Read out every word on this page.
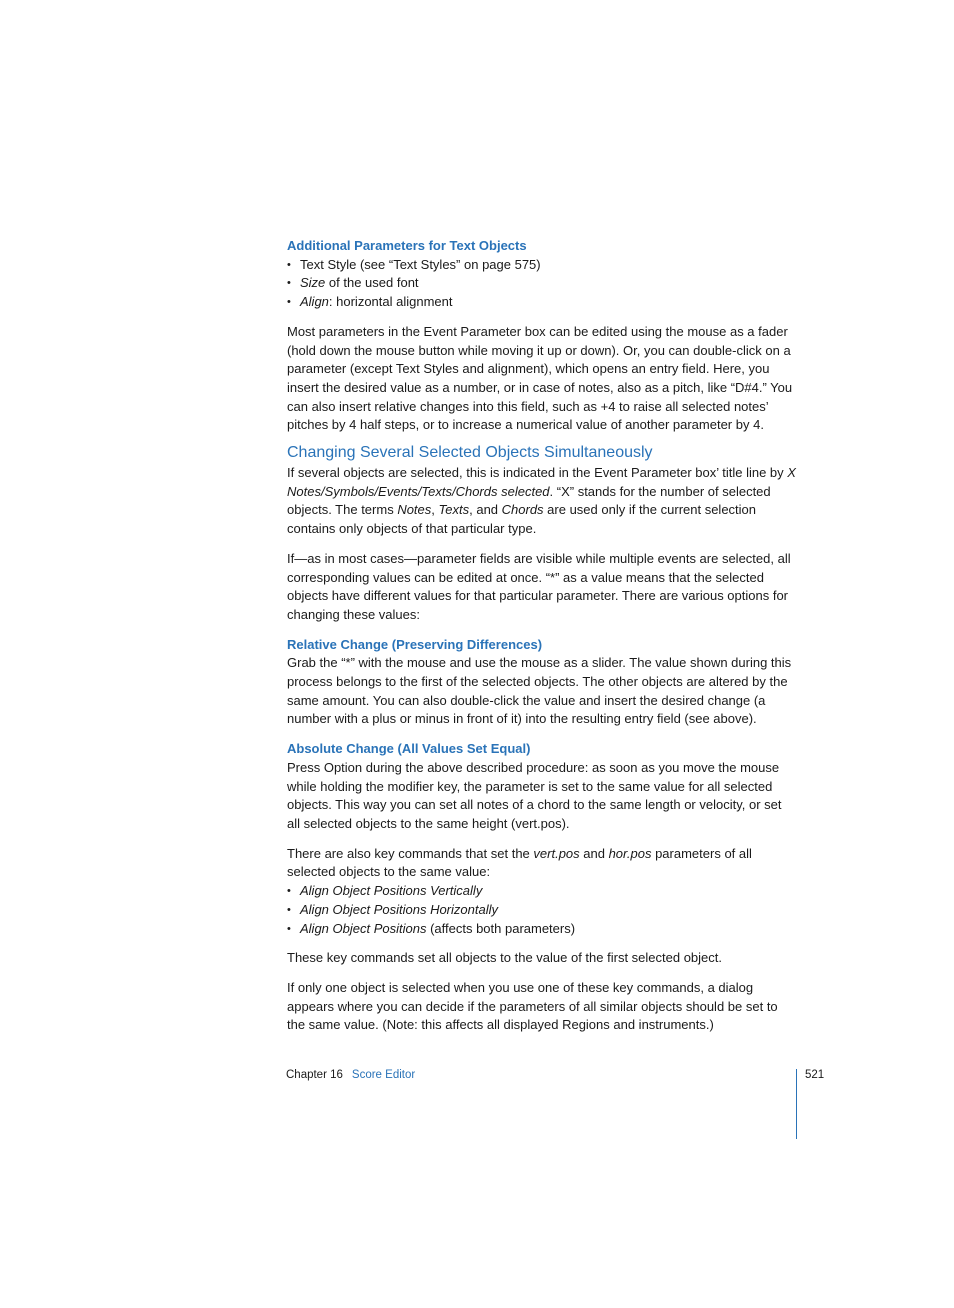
Additional Parameters for Text Objects
• Text Style (see “Text Styles” on page 575)
• Size of the used font
• Align: horizontal alignment

Most parameters in the Event Parameter box can be edited using the mouse as a fader (hold down the mouse button while moving it up or down). Or, you can double-click on a parameter (except Text Styles and alignment), which opens an entry field. Here, you insert the desired value as a number, or in case of notes, also as a pitch, like “D#4.” You can also insert relative changes into this field, such as +4 to raise all selected notes’ pitches by 4 half steps, or to increase a numerical value of another parameter by 4.

Changing Several Selected Objects Simultaneously

If several objects are selected, this is indicated in the Event Parameter box’ title line by X Notes/Symbols/Events/Texts/Chords selected. “X” stands for the number of selected objects. The terms Notes, Texts, and Chords are used only if the current selection contains only objects of that particular type.

If—as in most cases—parameter fields are visible while multiple events are selected, all corresponding values can be edited at once. “*” as a value means that the selected objects have different values for that particular parameter. There are various options for changing these values:

Relative Change (Preserving Differences)

Grab the “*” with the mouse and use the mouse as a slider. The value shown during this process belongs to the first of the selected objects. The other objects are altered by the same amount. You can also double-click the value and insert the desired change (a number with a plus or minus in front of it) into the resulting entry field (see above).

Absolute Change (All Values Set Equal)

Press Option during the above described procedure: as soon as you move the mouse while holding the modifier key, the parameter is set to the same value for all selected objects. This way you can set all notes of a chord to the same length or velocity, or set all selected objects to the same height (vert.pos).

There are also key commands that set the vert.pos and hor.pos parameters of all selected objects to the same value:

• Align Object Positions Vertically
• Align Object Positions Horizontally
• Align Object Positions (affects both parameters)

These key commands set all objects to the value of the first selected object.

If only one object is selected when you use one of these key commands, a dialog appears where you can decide if the parameters of all similar objects should be set to the same value. (Note: this affects all displayed Regions and instruments.)

Chapter 16 Score Editor	521
